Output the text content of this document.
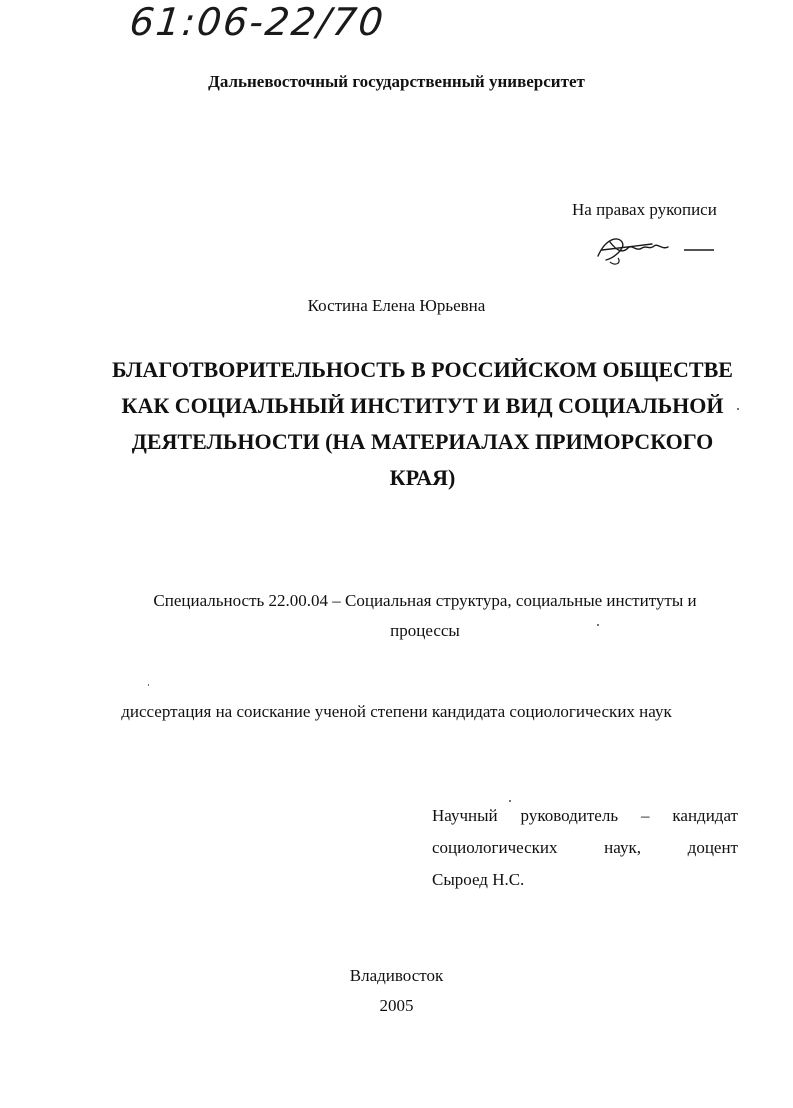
61:06-22/70
Дальневосточный государственный университет
На правах рукописи
Костина Елена Юрьевна
БЛАГОТВОРИТЕЛЬНОСТЬ В РОССИЙСКОМ ОБЩЕСТВЕ
КАК СОЦИАЛЬНЫЙ ИНСТИТУТ И ВИД СОЦИАЛЬНОЙ
ДЕЯТЕЛЬНОСТИ (НА МАТЕРИАЛАХ ПРИМОРСКОГО
КРАЯ)
Специальность 22.00.04 – Социальная структура, социальные институты и
процессы
диссертация на соискание ученой степени кандидата социологических наук
Научный руководитель – кандидат
социологических наук, доцент
Сыроед Н.С.
Владивосток
2005
